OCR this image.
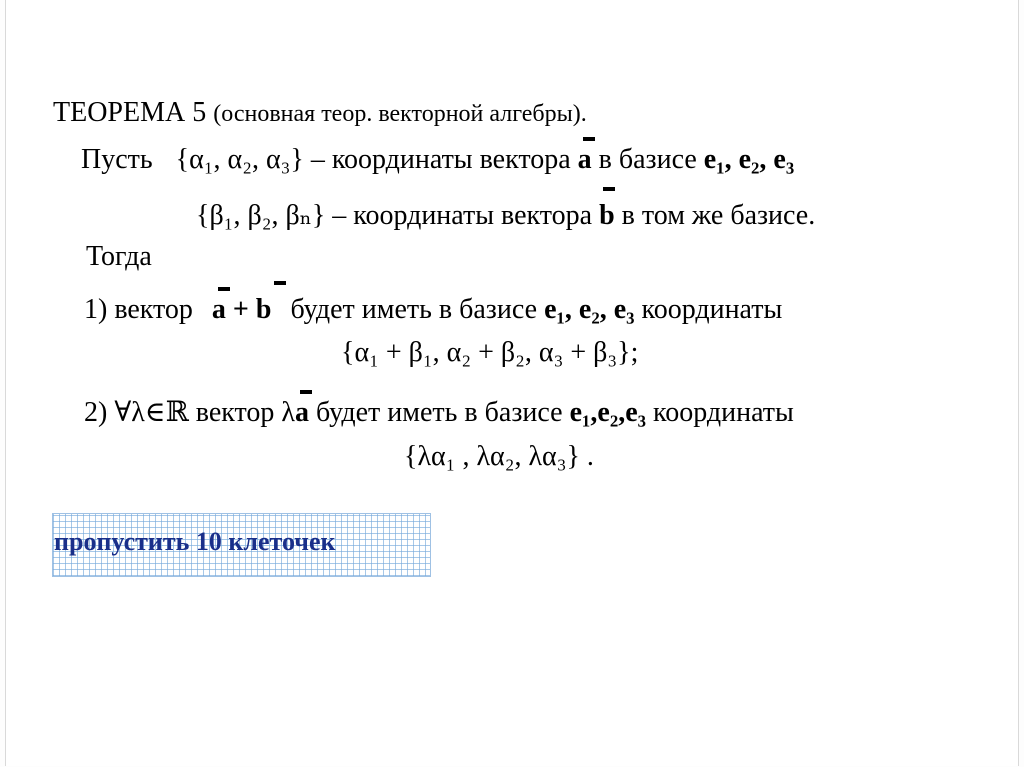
ТЕОРЕМА 5 (основная теор. векторной алгебры).
Пусть {α₁, α₂, α₃} – координаты вектора a в базисе e₁, e₂, e₃
{β₁, β₂, βₙ} – координаты вектора b в том же базисе.
Тогда
1) вектор a + b будет иметь в базисе e₁, e₂, e₃ координаты
{α₁ + β₁, α₂ + β₂, α₃ + β₃};
2) ∀λ∈ℝ вектор λ
a будет иметь в базисе e₁,e₂,e₃ координаты
{λα₁ , λα₂, λα₃} .
пропустить 10 клеточек
